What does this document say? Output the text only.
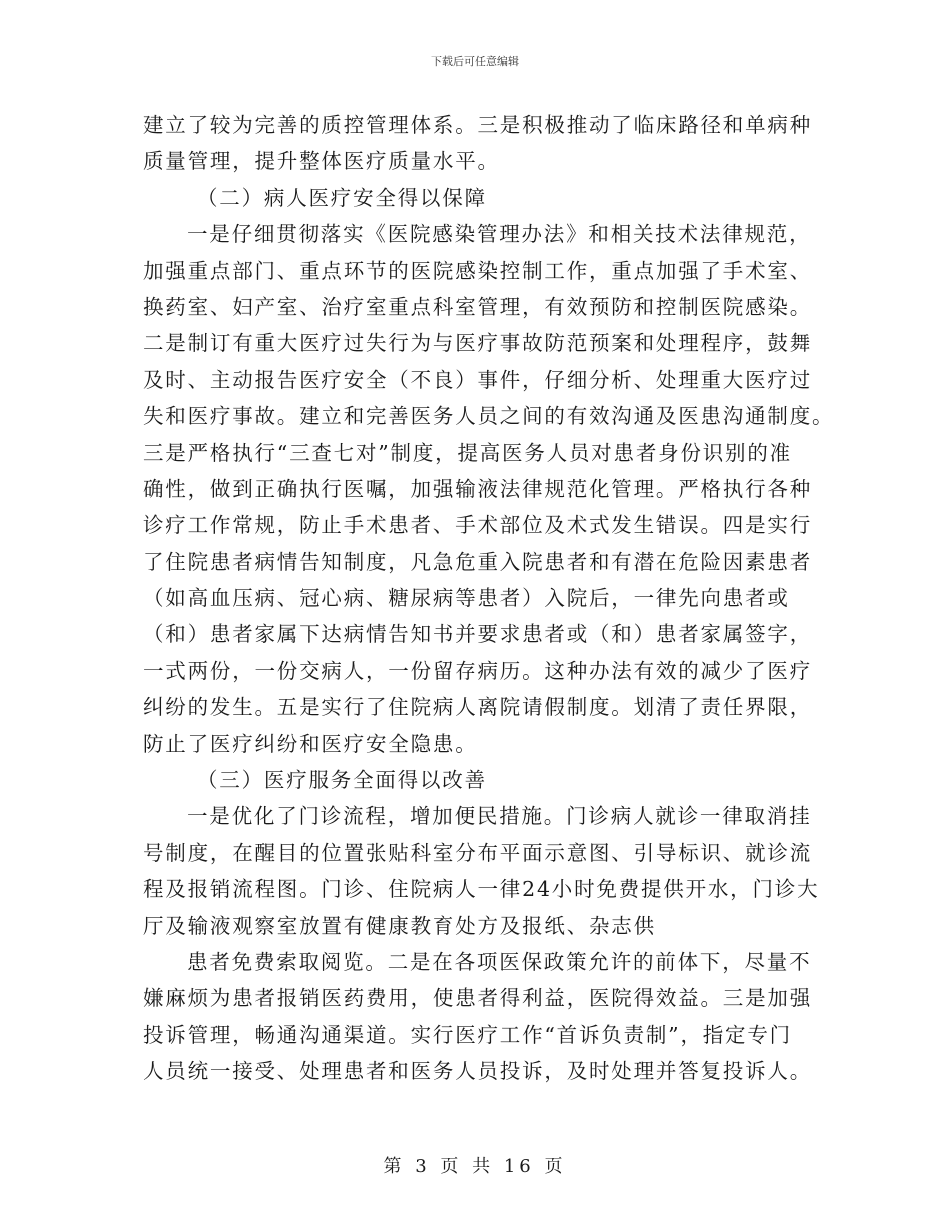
下载后可任意编辑
建立了较为完善的质控管理体系。三是积极推动了临床路径和单病种
质量管理，提升整体医疗质量水平。
（二）病人医疗安全得以保障
一是仔细贯彻落实《医院感染管理办法》和相关技术法律规范，
加强重点部门、重点环节的医院感染控制工作，重点加强了手术室、
换药室、妇产室、治疗室重点科室管理，有效预防和控制医院感染。
二是制订有重大医疗过失行为与医疗事故防范预案和处理程序，鼓舞
及时、主动报告医疗安全（不良）事件，仔细分析、处理重大医疗过
失和医疗事故。建立和完善医务人员之间的有效沟通及医患沟通制度。
三是严格执行“三查七对”制度，提高医务人员对患者身份识别的准
确性，做到正确执行医嘱，加强输液法律规范化管理。严格执行各种
诊疗工作常规，防止手术患者、手术部位及术式发生错误。四是实行
了住院患者病情告知制度，凡急危重入院患者和有潜在危险因素患者
（如高血压病、冠心病、糖尿病等患者）入院后，一律先向患者或
（和）患者家属下达病情告知书并要求患者或（和）患者家属签字，
一式两份，一份交病人，一份留存病历。这种办法有效的减少了医疗
纠纷的发生。五是实行了住院病人离院请假制度。划清了责任界限，
防止了医疗纠纷和医疗安全隐患。
（三）医疗服务全面得以改善
一是优化了门诊流程，增加便民措施。门诊病人就诊一律取消挂
号制度，在醒目的位置张贴科室分布平面示意图、引导标识、就诊流
程及报销流程图。门诊、住院病人一律24小时免费提供开水，门诊大
厅及输液观察室放置有健康教育处方及报纸、杂志供
患者免费索取阅览。二是在各项医保政策允许的前体下，尽量不
嫌麻烦为患者报销医药费用，使患者得利益，医院得效益。三是加强
投诉管理，畅通沟通渠道。实行医疗工作“首诉负责制”，指定专门
人员统一接受、处理患者和医务人员投诉，及时处理并答复投诉人。
第 3 页 共 16 页
